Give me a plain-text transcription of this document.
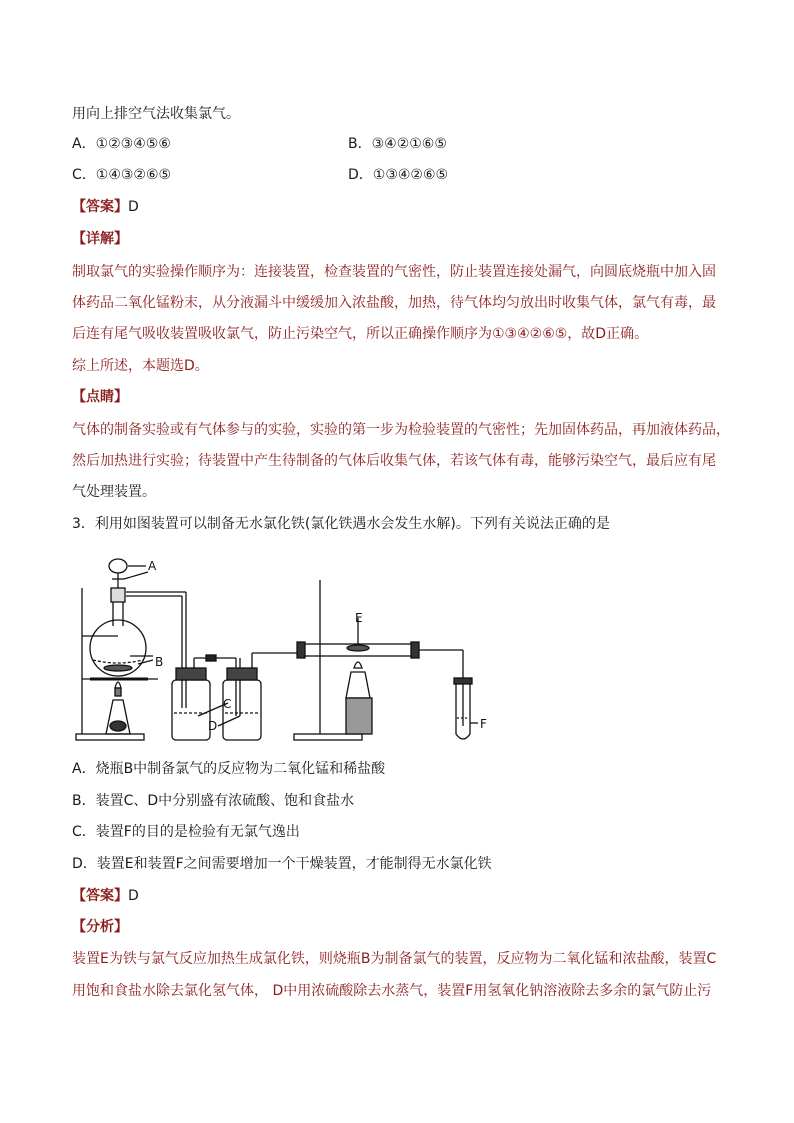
用向上排空气法收集氯气。
A．①②③④⑤⑥	B．③④②①⑥⑤
C．①④③②⑥⑤	D．①③④②⑥⑤
【答案】D
【详解】
制取氯气的实验操作顺序为：连接装置，检查装置的气密性，防止装置连接处漏气，向圆底烧瓶中加入固
体药品二氧化锰粉末，从分液漏斗中缓缓加入浓盐酸，加热，待气体均匀放出时收集气体，氯气有毒，最
后连有尾气吸收装置吸收氯气，防止污染空气，所以正确操作顺序为①③④②⑥⑤，故D正确。
综上所述，本题选D。
【点睛】
气体的制备实验或有气体参与的实验，实验的第一步为检验装置的气密性；先加固体药品，再加液体药品，
然后加热进行实验；待装置中产生待制备的气体后收集气体，若该气体有毒，能够污染空气，最后应有尾
气处理装置。
3．利用如图装置可以制备无水氯化铁(氯化铁遇水会发生水解)。下列有关说法正确的是
A
B
C
D
E
F
A．烧瓶B中制备氯气的反应物为二氧化锰和稀盐酸
B．装置C、D中分别盛有浓硫酸、饱和食盐水
C．装置F的目的是检验有无氯气逸出
D．装置E和装置F之间需要增加一个干燥装置，才能制得无水氯化铁
【答案】D
【分析】
装置E为铁与氯气反应加热生成氯化铁，则烧瓶B为制备氯气的装置，反应物为二氧化锰和浓盐酸，装置C
用饱和食盐水除去氯化氢气体， D中用浓硫酸除去水蒸气，装置F用氢氧化钠溶液除去多余的氯气防止污
